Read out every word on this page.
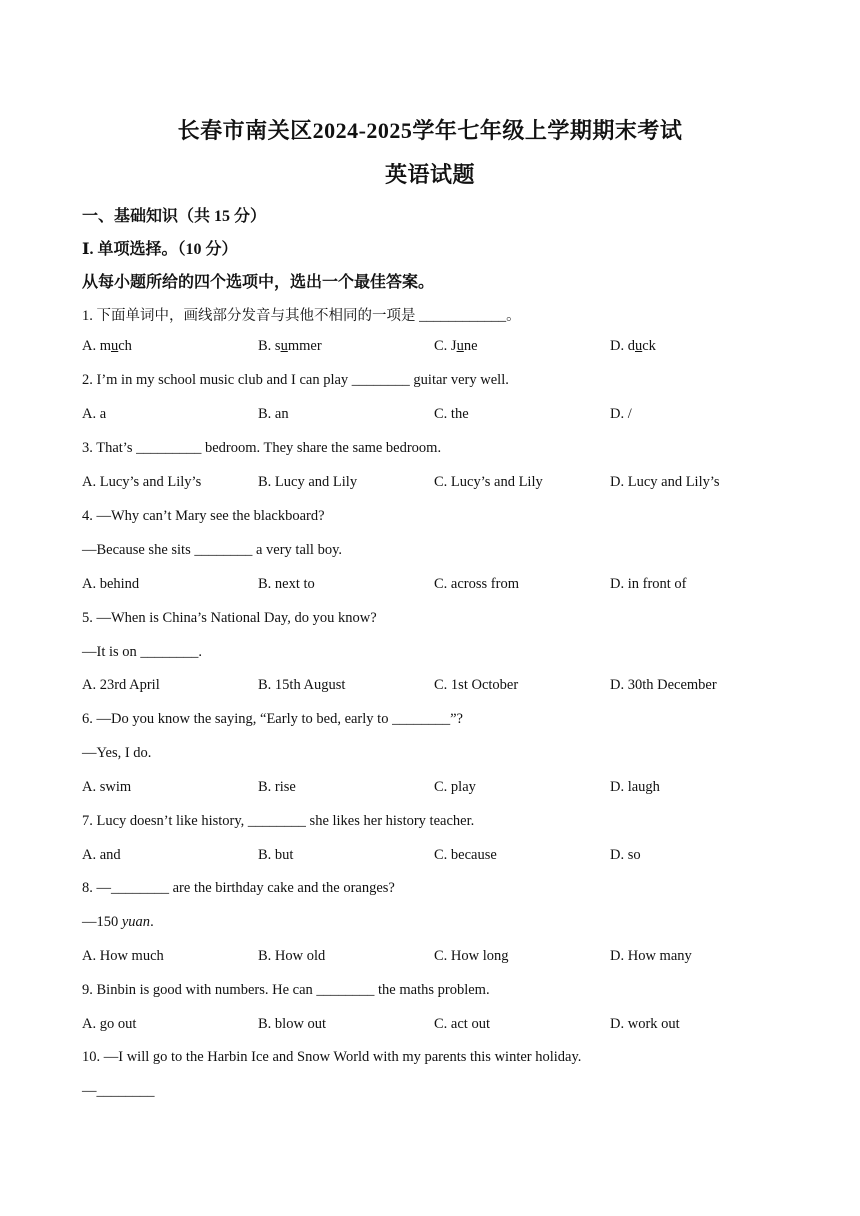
长春市南关区2024-2025学年七年级上学期期末考试
英语试题
一、基础知识（共 15 分）
Ⅰ. 单项选择。（10 分）
从每小题所给的四个选项中，选出一个最佳答案。
1. 下面单词中，画线部分发音与其他不相同的一项是 ____________。
A. much	B. summer	C. June	D. duck
2. I’m in my school music club and I can play ________ guitar very well.
A. a	B. an	C. the	D. /
3. That’s _________ bedroom. They share the same bedroom.
A. Lucy’s and Lily’s	B. Lucy and Lily	C. Lucy’s and Lily	D. Lucy and Lily’s
4. —Why can’t Mary see the blackboard?
—Because she sits ________ a very tall boy.
A. behind	B. next to	C. across from	D. in front of
5. —When is China’s National Day, do you know?
—It is on ________.
A. 23rd April	B. 15th August	C. 1st October	D. 30th December
6. —Do you know the saying, “Early to bed, early to ________”?
—Yes, I do.
A. swim	B. rise	C. play	D. laugh
7. Lucy doesn’t like history, ________ she likes her history teacher.
A. and	B. but	C. because	D. so
8. —________ are the birthday cake and the oranges?
—150 yuan.
A. How much	B. How old	C. How long	D. How many
9. Binbin is good with numbers. He can ________ the maths problem.
A. go out	B. blow out	C. act out	D. work out
10. —I will go to the Harbin Ice and Snow World with my parents this winter holiday.
—________
